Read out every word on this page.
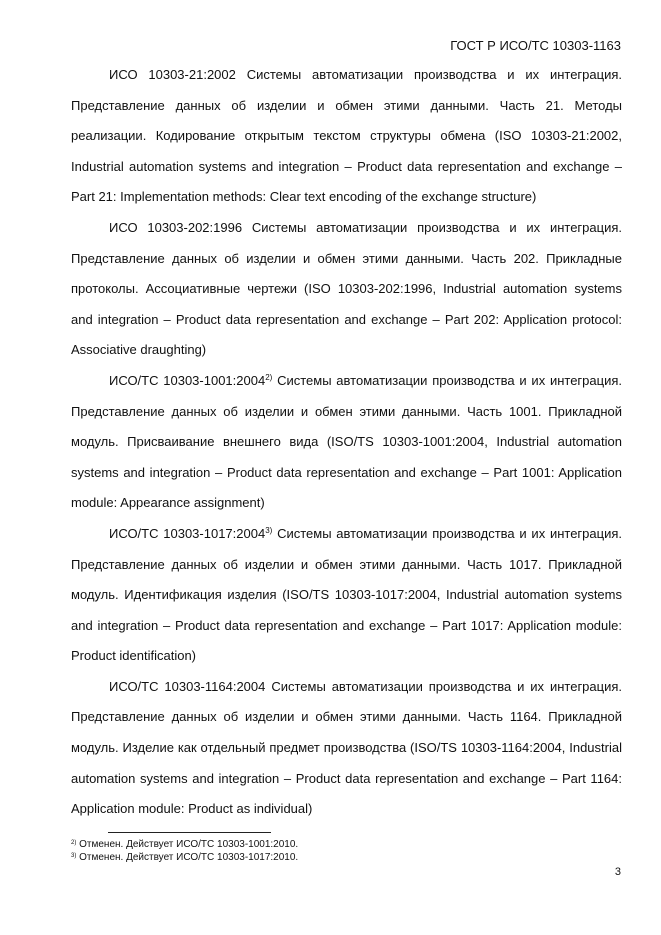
ГОСТ Р ИСО/ТС 10303-1163

ИСО 10303-21:2002 Системы автоматизации производства и их интеграция. Представление данных об изделии и обмен этими данными. Часть 21. Методы реализации. Кодирование открытым текстом структуры обмена (ISO 10303-21:2002, Industrial automation systems and integration – Product data representation and exchange – Part 21: Implementation methods: Clear text encoding of the exchange structure)

ИСО 10303-202:1996 Системы автоматизации производства и их интеграция. Представление данных об изделии и обмен этими данными. Часть 202. Прикладные протоколы. Ассоциативные чертежи (ISO 10303-202:1996, Industrial automation systems and integration – Product data representation and exchange – Part 202: Application protocol: Associative draughting)

ИСО/ТС 10303-1001:2004$^{2)}$ Системы автоматизации производства и их интеграция. Представление данных об изделии и обмен этими данными. Часть 1001. Прикладной модуль. Присваивание внешнего вида (ISO/TS 10303-1001:2004, Industrial automation systems and integration – Product data representation and exchange – Part 1001: Application module: Appearance assignment)

ИСО/ТС 10303-1017:2004$^{3)}$ Системы автоматизации производства и их интеграция. Представление данных об изделии и обмен этими данными. Часть 1017. Прикладной модуль. Идентификация изделия (ISO/TS 10303-1017:2004, Industrial automation systems and integration – Product data representation and exchange – Part 1017: Application module: Product identification)

ИСО/ТС 10303-1164:2004 Системы автоматизации производства и их интеграция. Представление данных об изделии и обмен этими данными. Часть 1164. Прикладной модуль. Изделие как отдельный предмет производства (ISO/TS 10303-1164:2004, Industrial automation systems and integration – Product data representation and exchange – Part 1164: Application module: Product as individual)

$^{2)}$ Отменен. Действует ИСО/ТС 10303-1001:2010.
$^{3)}$ Отменен. Действует ИСО/ТС 10303-1017:2010.
3
